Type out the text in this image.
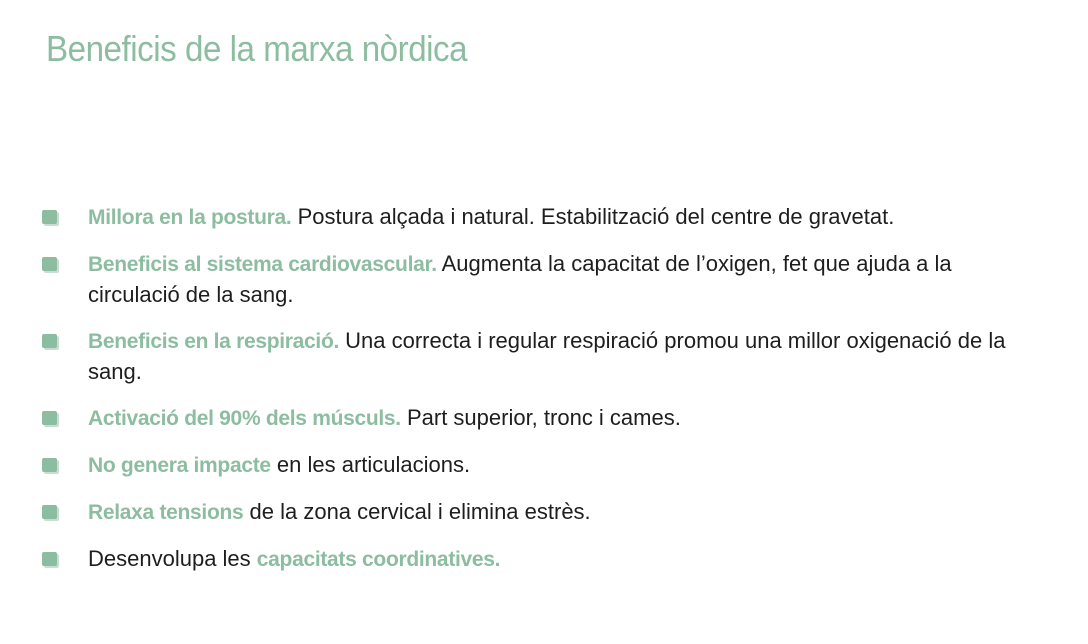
Beneficis de la marxa nòrdica
Millora en la postura. Postura alçada i natural. Estabilització del centre de gravetat.
Beneficis al sistema cardiovascular. Augmenta la capacitat de l’oxigen, fet que ajuda a la circulació de la sang.
Beneficis en la respiració. Una correcta i regular respiració promou una millor oxigenació de la sang.
Activació del 90% dels músculs. Part superior, tronc i cames.
No genera impacte en les articulacions.
Relaxa tensions de la zona cervical i elimina estrès.
Desenvolupa les capacitats coordinatives.
